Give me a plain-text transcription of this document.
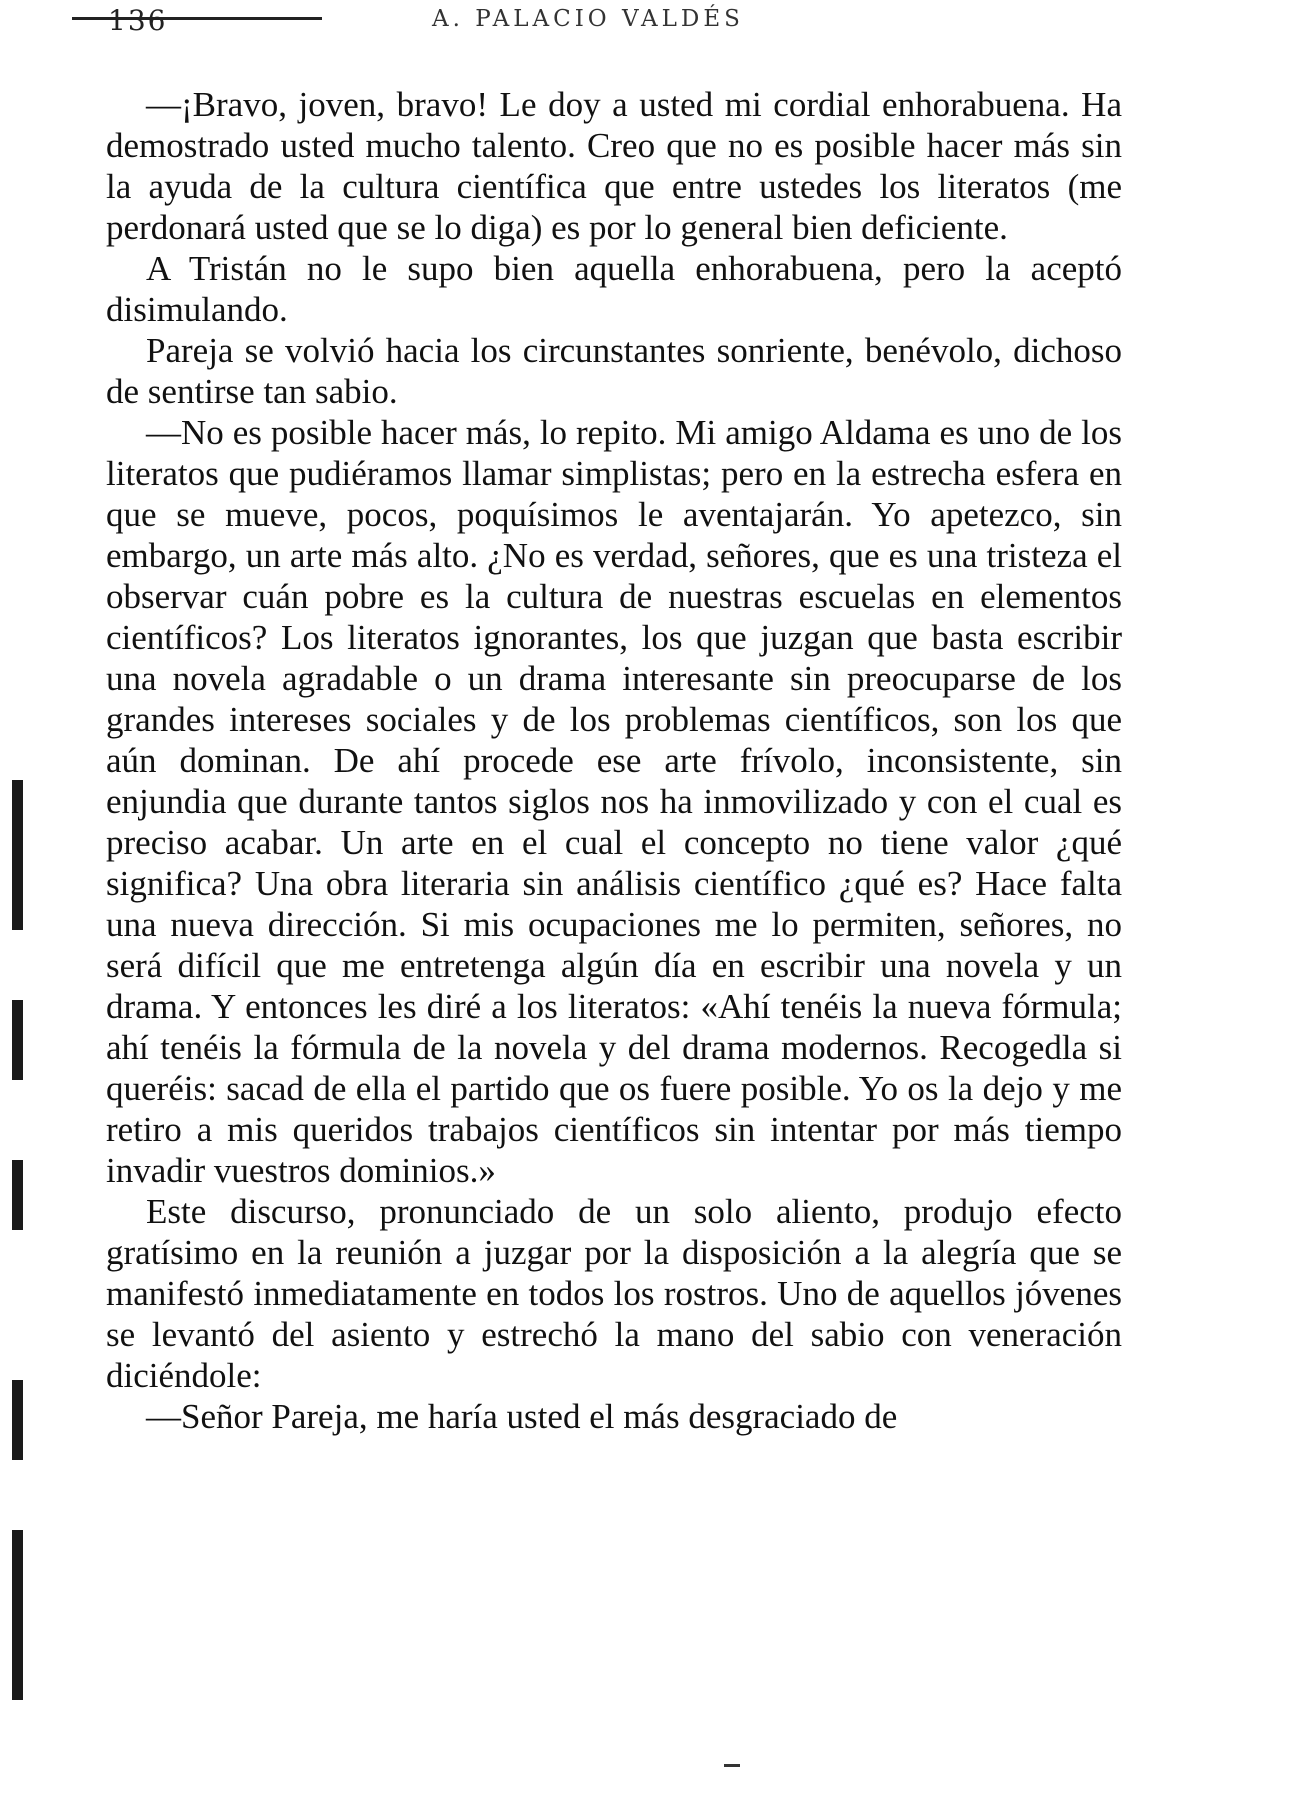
136	A. PALACIO VALDÉS

—¡Bravo, joven, bravo! Le doy a usted mi cordial enhorabuena. Ha demostrado usted mucho talento. Creo que no es posible hacer más sin la ayuda de la cultura científica que entre ustedes los literatos (me perdonará usted que se lo diga) es por lo general bien deficiente.

A Tristán no le supo bien aquella enhorabuena, pero la aceptó disimulando.

Pareja se volvió hacia los circunstantes sonriente, benévolo, dichoso de sentirse tan sabio.

—No es posible hacer más, lo repito. Mi amigo Aldama es uno de los literatos que pudiéramos llamar simplistas; pero en la estrecha esfera en que se mueve, pocos, poquísimos le aventajarán. Yo apetezco, sin embargo, un arte más alto. ¿No es verdad, señores, que es una tristeza el observar cuán pobre es la cultura de nuestras escuelas en elementos científicos? Los literatos ignorantes, los que juzgan que basta escribir una novela agradable o un drama interesante sin preocuparse de los grandes intereses sociales y de los problemas científicos, son los que aún dominan. De ahí procede ese arte frívolo, inconsistente, sin enjundia que durante tantos siglos nos ha inmovilizado y con el cual es preciso acabar. Un arte en el cual el concepto no tiene valor ¿qué significa? Una obra literaria sin análisis científico ¿qué es? Hace falta una nueva dirección. Si mis ocupaciones me lo permiten, señores, no será difícil que me entretenga algún día en escribir una novela y un drama. Y entonces les diré a los literatos: «Ahí tenéis la nueva fórmula; ahí tenéis la fórmula de la novela y del drama modernos. Recogedla si queréis: sacad de ella el partido que os fuere posible. Yo os la dejo y me retiro a mis queridos trabajos científicos sin intentar por más tiempo invadir vuestros dominios.»

Este discurso, pronunciado de un solo aliento, produjo efecto gratísimo en la reunión a juzgar por la disposición a la alegría que se manifestó inmediatamente en todos los rostros. Uno de aquellos jóvenes se levantó del asiento y estrechó la mano del sabio con veneración diciéndole:

—Señor Pareja, me haría usted el más desgraciado de
